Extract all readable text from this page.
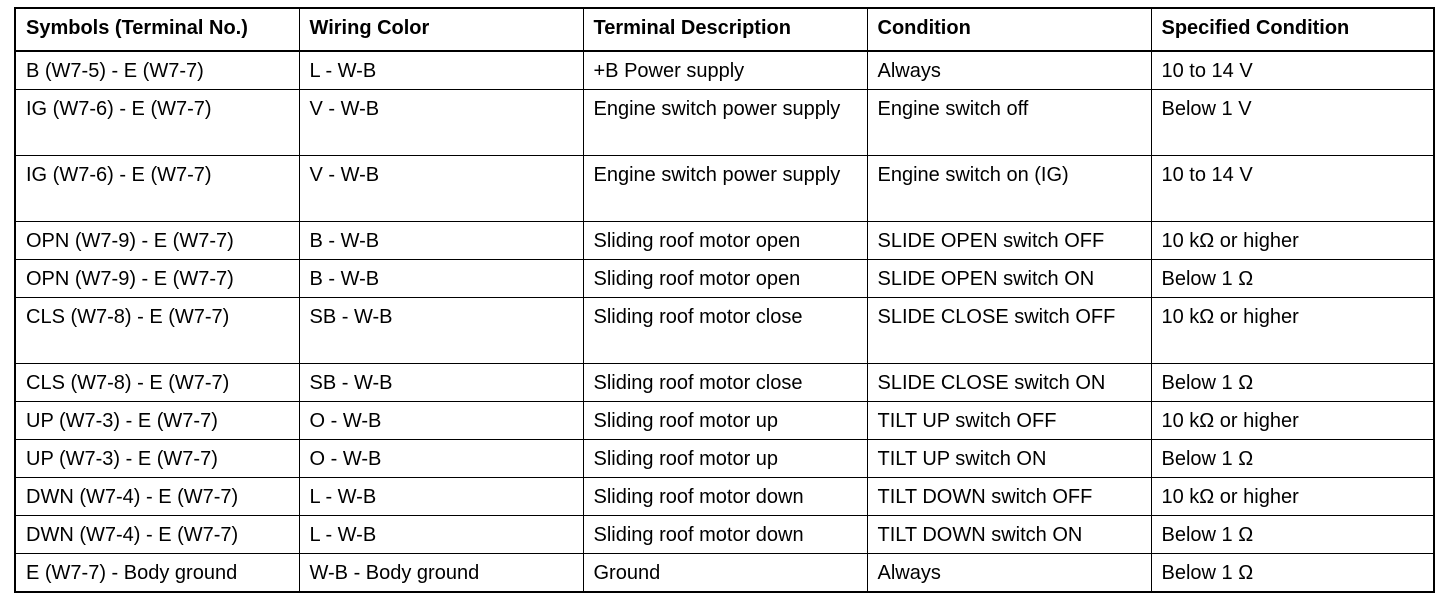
Symbols (Terminal No.)	Wiring Color	Terminal Description	Condition	Specified Condition
B (W7-5) - E (W7-7)	L - W-B	+B Power supply	Always	10 to 14 V
IG (W7-6) - E (W7-7)	V - W-B	Engine switch power supply	Engine switch off	Below 1 V
IG (W7-6) - E (W7-7)	V - W-B	Engine switch power supply	Engine switch on (IG)	10 to 14 V
OPN (W7-9) - E (W7-7)	B - W-B	Sliding roof motor open	SLIDE OPEN switch OFF	10 kΩ or higher
OPN (W7-9) - E (W7-7)	B - W-B	Sliding roof motor open	SLIDE OPEN switch ON	Below 1 Ω
CLS (W7-8) - E (W7-7)	SB - W-B	Sliding roof motor close	SLIDE CLOSE switch OFF	10 kΩ or higher
CLS (W7-8) - E (W7-7)	SB - W-B	Sliding roof motor close	SLIDE CLOSE switch ON	Below 1 Ω
UP (W7-3) - E (W7-7)	O - W-B	Sliding roof motor up	TILT UP switch OFF	10 kΩ or higher
UP (W7-3) - E (W7-7)	O - W-B	Sliding roof motor up	TILT UP switch ON	Below 1 Ω
DWN (W7-4) - E (W7-7)	L - W-B	Sliding roof motor down	TILT DOWN switch OFF	10 kΩ or higher
DWN (W7-4) - E (W7-7)	L - W-B	Sliding roof motor down	TILT DOWN switch ON	Below 1 Ω
E (W7-7) - Body ground	W-B - Body ground	Ground	Always	Below 1 Ω
